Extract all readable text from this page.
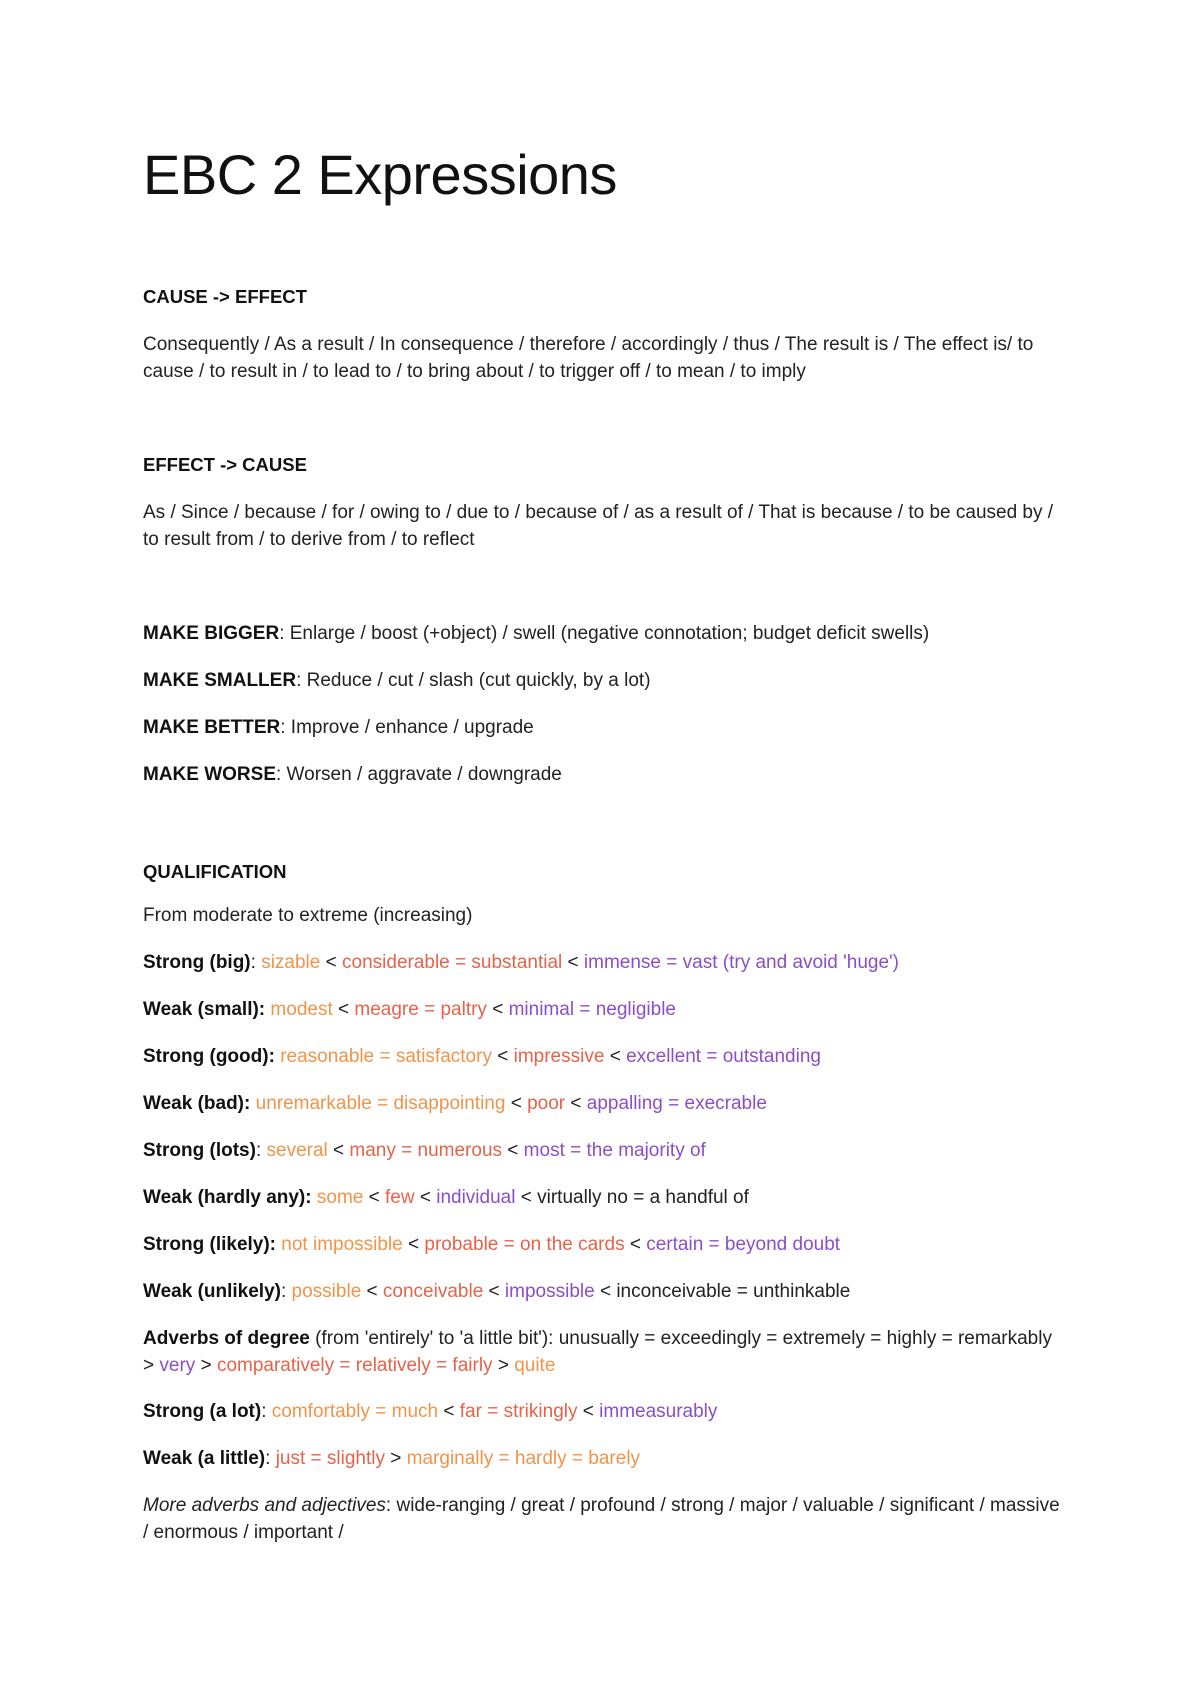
EBC 2 Expressions
CAUSE -> EFFECT

Consequently / As a result / In consequence / therefore / accordingly / thus / The result is / The effect is/ to cause / to result in / to lead to / to bring about / to trigger off / to mean / to imply

EFFECT -> CAUSE

As / Since / because / for / owing to / due to / because of / as a result of / That is because / to be caused by / to result from / to derive from / to reflect

MAKE BIGGER: Enlarge / boost (+object) / swell (negative connotation; budget deficit swells)
MAKE SMALLER: Reduce / cut / slash (cut quickly, by a lot)
MAKE BETTER: Improve / enhance / upgrade
MAKE WORSE: Worsen / aggravate / downgrade
QUALIFICATION
From moderate to extreme (increasing)
Strong (big): sizable < considerable = substantial < immense = vast (try and avoid 'huge')
Weak (small): modest < meagre = paltry < minimal = negligible
Strong (good): reasonable = satisfactory < impressive < excellent = outstanding
Weak (bad): unremarkable = disappointing < poor < appalling = execrable
Strong (lots): several < many = numerous < most = the majority of
Weak (hardly any): some < few < individual < virtually no = a handful of
Strong (likely): not impossible < probable = on the cards < certain = beyond doubt
Weak (unlikely): possible < conceivable < impossible < inconceivable = unthinkable
Adverbs of degree (from 'entirely' to 'a little bit'): unusually = exceedingly = extremely = highly = remarkably > very > comparatively = relatively = fairly > quite
Strong (a lot): comfortably = much < far = strikingly < immeasurably
Weak (a little): just = slightly > marginally = hardly = barely
More adverbs and adjectives: wide-ranging / great / profound / strong / major / valuable / significant / massive / enormous / important /
